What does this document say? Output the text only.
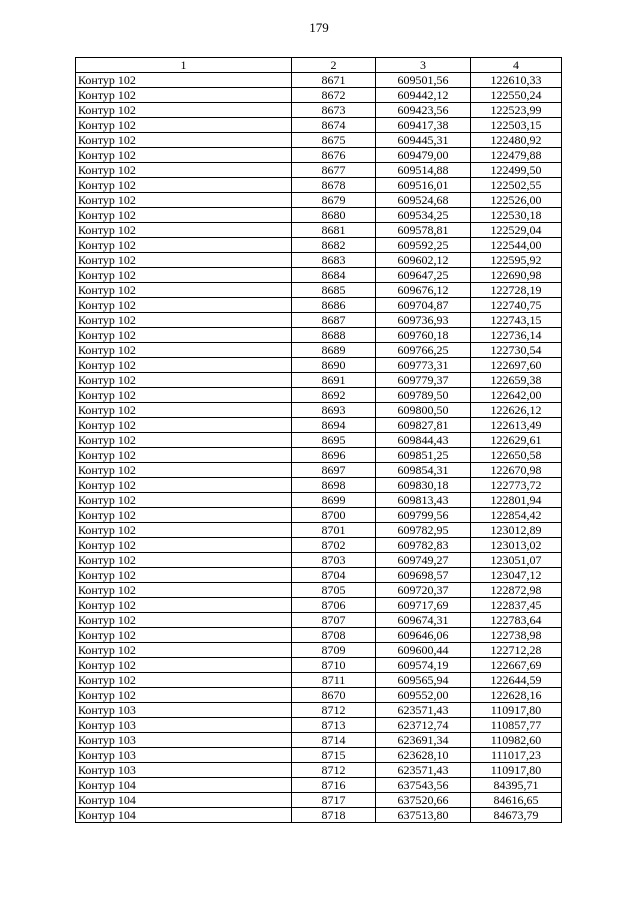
179
1	2	3	4
Контур 102	8671	609501,56	122610,33
Контур 102	8672	609442,12	122550,24
Контур 102	8673	609423,56	122523,99
Контур 102	8674	609417,38	122503,15
Контур 102	8675	609445,31	122480,92
Контур 102	8676	609479,00	122479,88
Контур 102	8677	609514,88	122499,50
Контур 102	8678	609516,01	122502,55
Контур 102	8679	609524,68	122526,00
Контур 102	8680	609534,25	122530,18
Контур 102	8681	609578,81	122529,04
Контур 102	8682	609592,25	122544,00
Контур 102	8683	609602,12	122595,92
Контур 102	8684	609647,25	122690,98
Контур 102	8685	609676,12	122728,19
Контур 102	8686	609704,87	122740,75
Контур 102	8687	609736,93	122743,15
Контур 102	8688	609760,18	122736,14
Контур 102	8689	609766,25	122730,54
Контур 102	8690	609773,31	122697,60
Контур 102	8691	609779,37	122659,38
Контур 102	8692	609789,50	122642,00
Контур 102	8693	609800,50	122626,12
Контур 102	8694	609827,81	122613,49
Контур 102	8695	609844,43	122629,61
Контур 102	8696	609851,25	122650,58
Контур 102	8697	609854,31	122670,98
Контур 102	8698	609830,18	122773,72
Контур 102	8699	609813,43	122801,94
Контур 102	8700	609799,56	122854,42
Контур 102	8701	609782,95	123012,89
Контур 102	8702	609782,83	123013,02
Контур 102	8703	609749,27	123051,07
Контур 102	8704	609698,57	123047,12
Контур 102	8705	609720,37	122872,98
Контур 102	8706	609717,69	122837,45
Контур 102	8707	609674,31	122783,64
Контур 102	8708	609646,06	122738,98
Контур 102	8709	609600,44	122712,28
Контур 102	8710	609574,19	122667,69
Контур 102	8711	609565,94	122644,59
Контур 102	8670	609552,00	122628,16
Контур 103	8712	623571,43	110917,80
Контур 103	8713	623712,74	110857,77
Контур 103	8714	623691,34	110982,60
Контур 103	8715	623628,10	111017,23
Контур 103	8712	623571,43	110917,80
Контур 104	8716	637543,56	84395,71
Контур 104	8717	637520,66	84616,65
Контур 104	8718	637513,80	84673,79
